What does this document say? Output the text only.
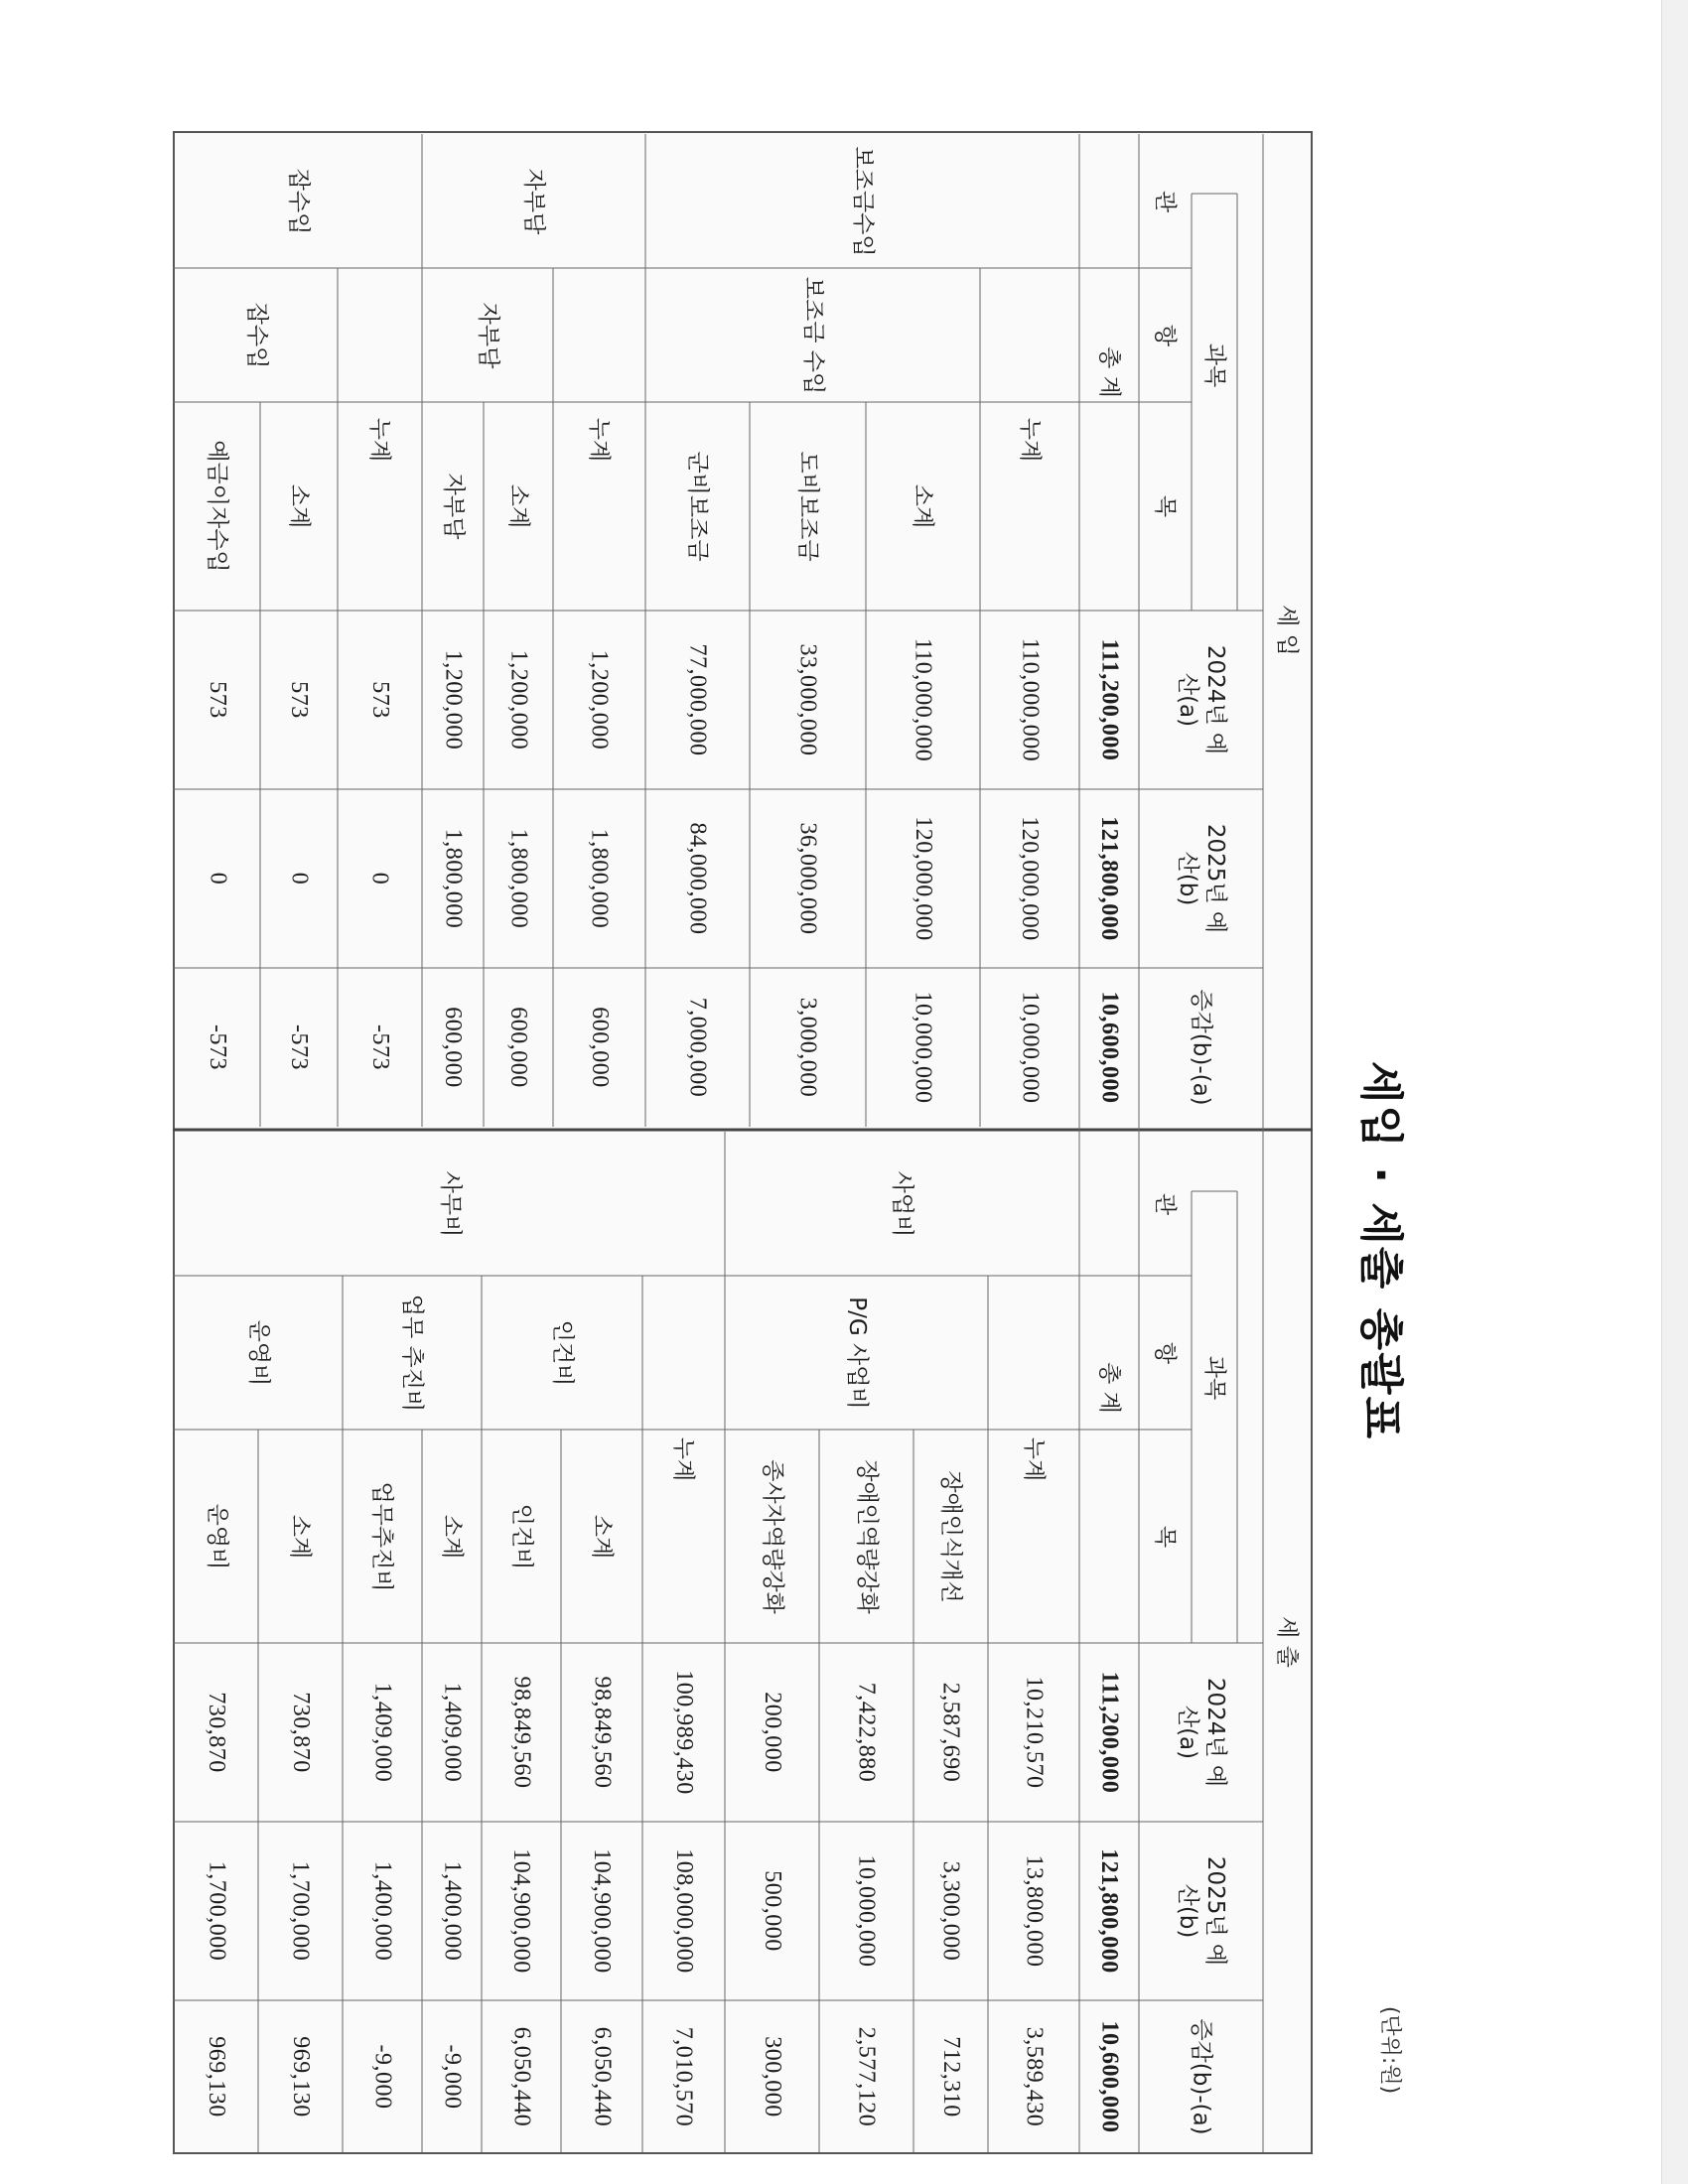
세입 · 세출 총괄표
(단위:원)
세 입
과목
관
항
목
2024년 예산(a)
2025년 예산(b)
증감(b)-(a)
총 계
111,200,000
121,800,000
10,600,000
보조금수입
누계
110,000,000
120,000,000
10,000,000
보조금 수입
소계
110,000,000
120,000,000
10,000,000
도비보조금
33,000,000
36,000,000
3,000,000
군비보조금
77,000,000
84,000,000
7,000,000
자부담
누계
1,200,000
1,800,000
600,000
자부담
소계
1,200,000
1,800,000
600,000
자부담
1,200,000
1,800,000
600,000
잡수입
누계
573
0
-573
잡수입
소계
573
0
-573
예금이자수입
573
0
-573
세 출
과목
관
항
목
2024년 예산(a)
2025년 예산(b)
증감(b)-(a)
총 계
111,200,000
121,800,000
10,600,000
사업비
누계
10,210,570
13,800,000
3,589,430
P/G 사업비
장애인식개선
2,587,690
3,300,000
712,310
장애인역량강화
7,422,880
10,000,000
2,577,120
종사자역량강화
200,000
500,000
300,000
사무비
누계
100,989,430
108,000,000
7,010,570
인건비
소계
98,849,560
104,900,000
6,050,440
인건비
98,849,560
104,900,000
6,050,440
업무 추진비
소계
1,409,000
1,400,000
-9,000
업무추진비
1,409,000
1,400,000
-9,000
운영비
소계
730,870
1,700,000
969,130
운영비
730,870
1,700,000
969,130
